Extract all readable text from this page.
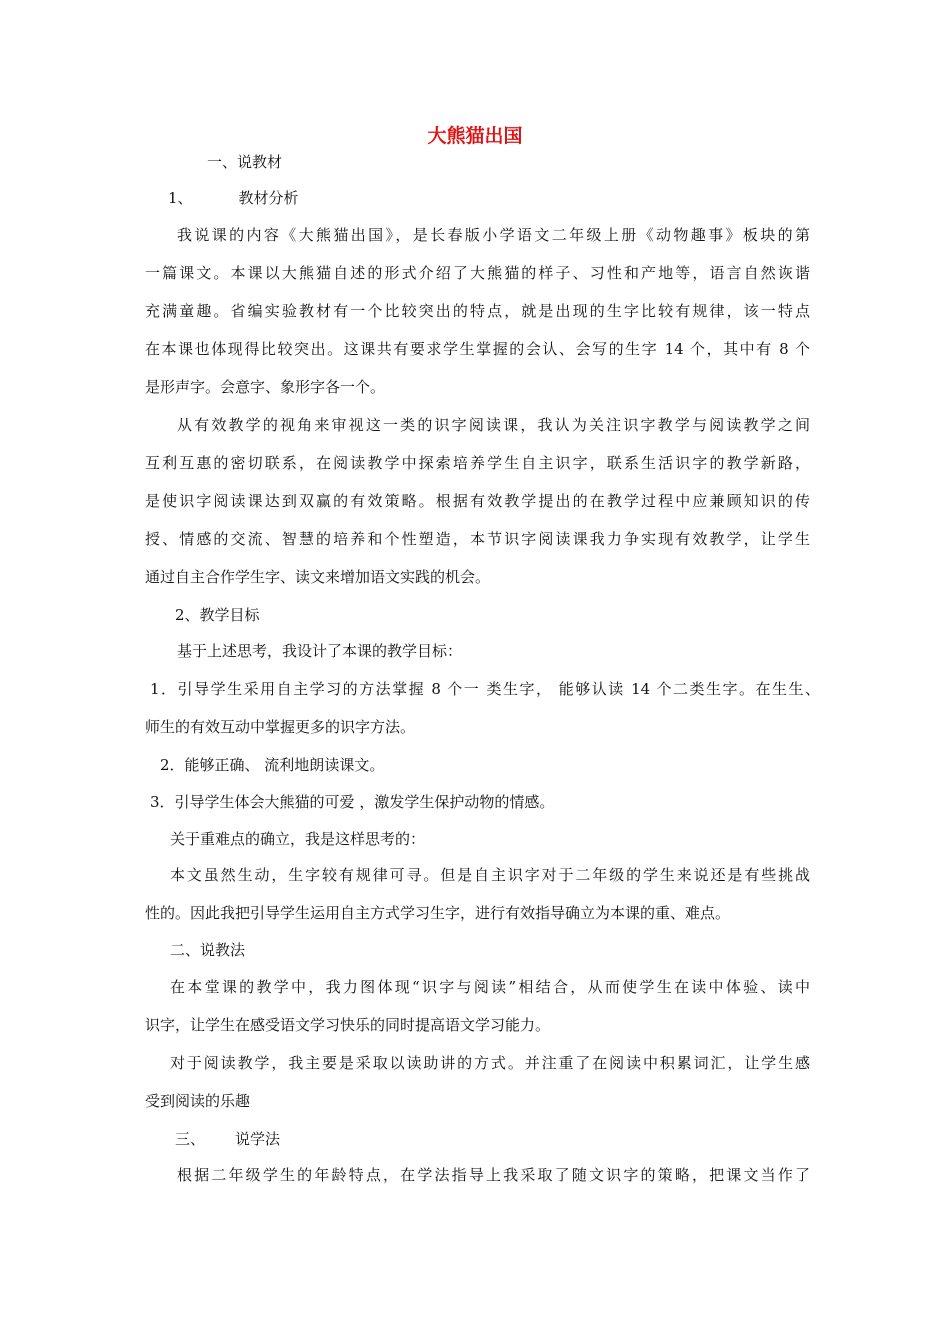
大熊猫出国
一、说教材
1、	教材分析
我说课的内容《大熊猫出国》，是长春版小学语文二年级上册《动物趣事》板块的第
一篇课文。本课以大熊猫自述的形式介绍了大熊猫的样子、习性和产地等，语言自然诙谐
充满童趣。省编实验教材有一个比较突出的特点，就是出现的生字比较有规律，该一特点
在本课也体现得比较突出。这课共有要求学生掌握的会认、会写的生字 14 个，其中有 8 个
是形声字。会意字、象形字各一个。
从有效教学的视角来审视这一类的识字阅读课，我认为关注识字教学与阅读教学之间
互利互惠的密切联系，在阅读教学中探索培养学生自主识字，联系生活识字的教学新路，
是使识字阅读课达到双赢的有效策略。根据有效教学提出的在教学过程中应兼顾知识的传
授、情感的交流、智慧的培养和个性塑造，本节识字阅读课我力争实现有效教学，让学生
通过自主合作学生字、读文来增加语文实践的机会。
2、教学目标
基于上述思考，我设计了本课的教学目标：
1．引导学生采用自主学习的方法掌握 8 个一 类生字， 能够认读 14 个二类生字。在生生、
师生的有效互动中掌握更多的识字方法。
2．能够正确、 流利地朗读课文。
3．引导学生体会大熊猫的可爱 ，激发学生保护动物的情感。
关于重难点的确立，我是这样思考的：
本文虽然生动，生字较有规律可寻。但是自主识字对于二年级的学生来说还是有些挑战
性的。因此我把引导学生运用自主方式学习生字，进行有效指导确立为本课的重、难点。
二、说教法
在本堂课的教学中，我力图体现“识字与阅读”相结合，从而使学生在读中体验、读中
识字，让学生在感受语文学习快乐的同时提高语文学习能力。
对于阅读教学，我主要是采取以读助讲的方式。并注重了在阅读中积累词汇，让学生感
受到阅读的乐趣
三、 说学法
根据二年级学生的年龄特点，在学法指导上我采取了随文识字的策略，把课文当作了
